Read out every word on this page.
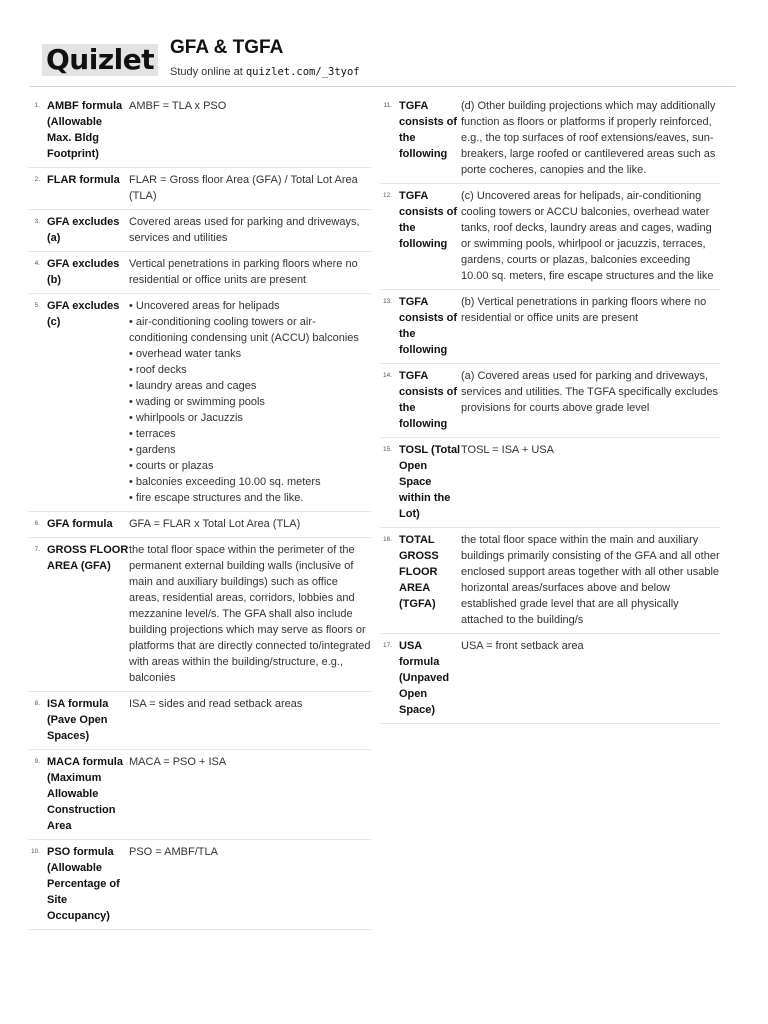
Quizlet GFA & TGFA
Study online at quizlet.com/_3tyof
1. AMBF formula (Allowable Max. Bldg Footprint)
AMBF = TLA x PSO
2. FLAR formula FLAR = Gross floor Area (GFA) / Total Lot Area (TLA)
3. GFA excludes (a)
Covered areas used for parking and driveways, services and utilities
4. GFA excludes (b)
Vertical penetrations in parking floors where no residential or office units are present
5. GFA excludes (c)
• Uncovered areas for helipads
• air-conditioning cooling towers or air-conditioning condensing unit (ACCU) balconies
• overhead water tanks
• roof decks
• laundry areas and cages
• wading or swimming pools
• whirlpools or Jacuzzis
• terraces
• gardens
• courts or plazas
• balconies exceeding 10.00 sq. meters
• fire escape structures and the like.
6. GFA formula	GFA = FLAR x Total Lot Area (TLA)
7. GROSS FLOOR AREA (GFA)
the total floor space within the perimeter of the permanent external building walls (inclusive of main and auxiliary buildings) such as office areas, residential areas, corridors, lobbies and mezzanine level/s. The GFA shall also include building projections which may serve as floors or platforms that are directly connected to/integrated with areas within the building/structure, e.g., balconies
8. ISA formula (Pave Open Spaces)
ISA = sides and read setback areas
9. MACA formula (Maximum Allowable Construction Area
MACA = PSO + ISA
10. PSO formula (Allowable Percentage of Site Occupancy)
PSO = AMBF/TLA
11. TGFA consists of the following
(d) Other building projections which may additionally function as floors or platforms if properly reinforced, e.g., the top surfaces of roof extensions/eaves, sun-breakers, large roofed or cantilevered areas such as porte cocheres, canopies and the like.
12. TGFA consists of the following
(c) Uncovered areas for helipads, air-conditioning cooling towers or ACCU balconies, overhead water tanks, roof decks, laundry areas and cages, wading or swimming pools, whirlpool or jacuzzis, terraces, gardens, courts or plazas, balconies exceeding 10.00 sq. meters, fire escape structures and the like
13. TGFA consists of the following
(b) Vertical penetrations in parking floors where no residential or office units are present
14. TGFA consists of the following
(a) Covered areas used for parking and driveways, services and utilities. The TGFA specifically excludes provisions for courts above grade level
15. TOSL (Total Open Space within the Lot)
TOSL = ISA + USA
16. TOTAL GROSS FLOOR AREA (TGFA)
the total floor space within the main and auxiliary buildings primarily consisting of the GFA and all other enclosed support areas together with all other usable horizontal areas/surfaces above and below established grade level that are all physically attached to the building/s
17. USA formula (Unpaved Open Space)
USA = front setback area
